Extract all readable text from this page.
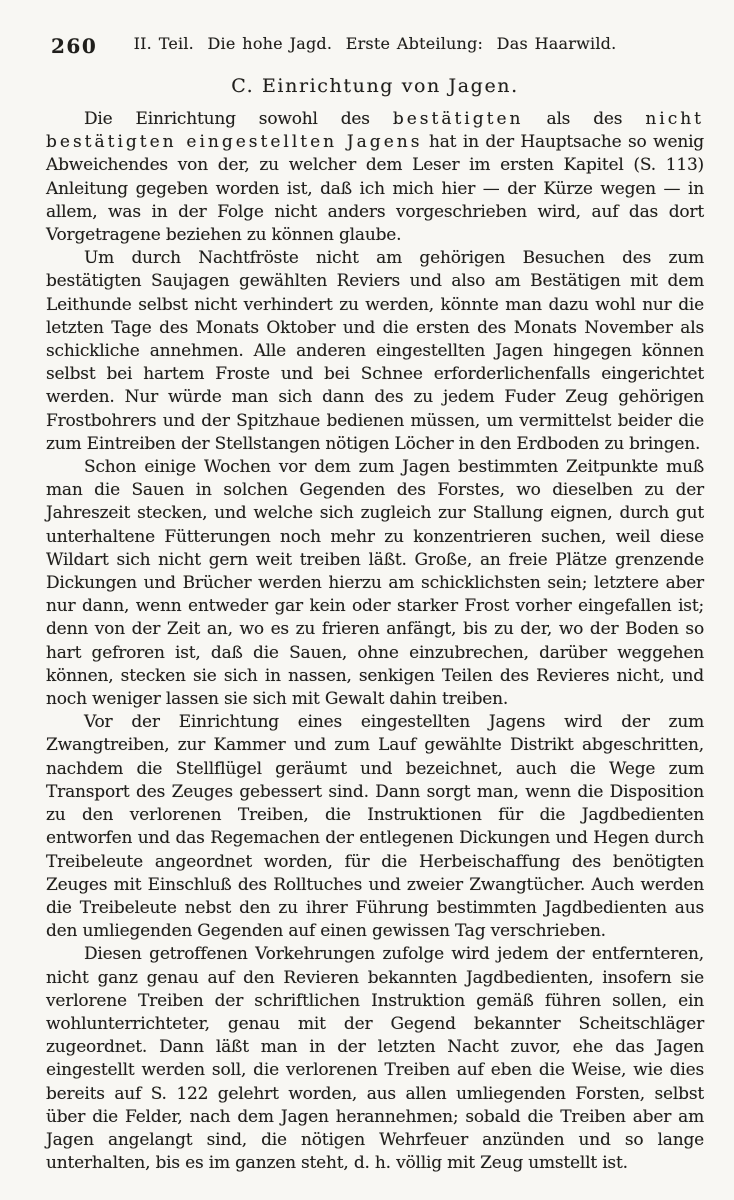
260 II. Teil.  Die hohe Jagd.  Erste Abteilung:  Das Haarwild.
C. Einrichtung von Jagen.

Die Einrichtung sowohl des bestätigten als des nicht bestätigten eingestellten Jagens hat in der Hauptsache so wenig Abweichendes von der, zu welcher dem Leser im ersten Kapitel (S. 113) Anleitung gegeben worden ist, daß ich mich hier — der Kürze wegen — in allem, was in der Folge nicht anders vorgeschrieben wird, auf das dort Vorgetragene beziehen zu können glaube.

Um durch Nachtfröste nicht am gehörigen Besuchen des zum bestätigten Saujagen gewählten Reviers und also am Bestätigen mit dem Leithunde selbst nicht verhindert zu werden, könnte man dazu wohl nur die letzten Tage des Monats Oktober und die ersten des Monats November als schickliche annehmen. Alle anderen eingestellten Jagen hingegen können selbst bei hartem Froste und bei Schnee erforderlichenfalls eingerichtet werden. Nur würde man sich dann des zu jedem Fuder Zeug gehörigen Frostbohrers und der Spitzhaue bedienen müssen, um vermittelst beider die zum Eintreiben der Stellstangen nötigen Löcher in den Erdboden zu bringen.

Schon einige Wochen vor dem zum Jagen bestimmten Zeitpunkte muß man die Sauen in solchen Gegenden des Forstes, wo dieselben zu der Jahreszeit stecken, und welche sich zugleich zur Stallung eignen, durch gut unterhaltene Fütterungen noch mehr zu konzentrieren suchen, weil diese Wildart sich nicht gern weit treiben läßt. Große, an freie Plätze grenzende Dickungen und Brücher werden hierzu am schicklichsten sein; letztere aber nur dann, wenn entweder gar kein oder starker Frost vorher eingefallen ist; denn von der Zeit an, wo es zu frieren anfängt, bis zu der, wo der Boden so hart gefroren ist, daß die Sauen, ohne einzubrechen, darüber weggehen können, stecken sie sich in nassen, senkigen Teilen des Revieres nicht, und noch weniger lassen sie sich mit Gewalt dahin treiben.

Vor der Einrichtung eines eingestellten Jagens wird der zum Zwangtreiben, zur Kammer und zum Lauf gewählte Distrikt abgeschritten, nachdem die Stellflügel geräumt und bezeichnet, auch die Wege zum Transport des Zeuges gebessert sind. Dann sorgt man, wenn die Disposition zu den verlorenen Treiben, die Instruktionen für die Jagdbedienten entworfen und das Regemachen der entlegenen Dickungen und Hegen durch Treibeleute angeordnet worden, für die Herbeischaffung des benötigten Zeuges mit Einschluß des Rolltuches und zweier Zwangtücher. Auch werden die Treibeleute nebst den zu ihrer Führung bestimmten Jagdbedienten aus den umliegenden Gegenden auf einen gewissen Tag verschrieben.

Diesen getroffenen Vorkehrungen zufolge wird jedem der entfernteren, nicht ganz genau auf den Revieren bekannten Jagdbedienten, insofern sie verlorene Treiben der schriftlichen Instruktion gemäß führen sollen, ein wohlunterrichteter, genau mit der Gegend bekannter Scheitschläger zugeordnet. Dann läßt man in der letzten Nacht zuvor, ehe das Jagen eingestellt werden soll, die verlorenen Treiben auf eben die Weise, wie dies bereits auf S. 122 gelehrt worden, aus allen umliegenden Forsten, selbst über die Felder, nach dem Jagen herannehmen; sobald die Treiben aber am Jagen angelangt sind, die nötigen Wehrfeuer anzünden und so lange unterhalten, bis es im ganzen steht, d. h. völlig mit Zeug umstellt ist.
